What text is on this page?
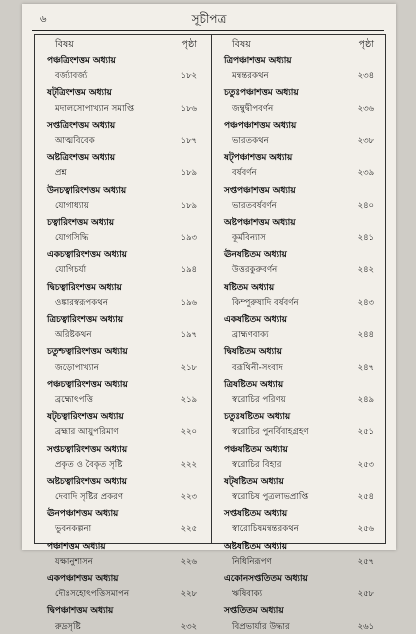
৬	সূচীপত্র
বিষয়	পৃষ্ঠা
পঞ্চত্রিংশত্তম অধ্যায়
বর্জ্যাবর্জ্য	১৮২
ষট্‌ত্রিংশত্তম অধ্যায়
মদালসোপাখ্যান সমাপ্তি	১৮৬
সপ্তত্রিংশত্তম অধ্যায়
আত্মবিবেক	১৮৭
অষ্টত্রিংশত্তম অধ্যায়
প্রশ্ন	১৮৯
উনচত্বারিংশত্তম অধ্যায়
যোগাধ্যায়	১৮৯
চত্বারিংশত্তম অধ্যায়
যোগসিদ্ধি	১৯৩
একচত্বারিংশত্তম অধ্যায়
যোগিচর্যা	১৯৪
দ্বিচত্বারিংশত্তম অধ্যায়
ওঙ্কারস্বরূপকথন	১৯৬
ত্রিচত্বারিংশত্তম অধ্যায়
অরিষ্টকথন	১৯৭
চতুশ্চত্বারিংশত্তম অধ্যায়
জড়োপাখ্যান	২১৮
পঞ্চচত্বারিংশত্তম অধ্যায়
ব্রহ্মোৎপত্তি	২১৯
ষট্‌চত্বারিংশত্তম অধ্যায়
ব্রহ্মার আয়ুপরিমাণ	২২০
সপ্তচত্বারিংশত্তম অধ্যায়
প্রকৃত ও বৈকৃত সৃষ্টি	২২২
অষ্টচত্বারিংশত্তম অধ্যায়
দেবাদি সৃষ্টির প্রকরণ	২২৩
ঊনপঞ্চাশত্তম অধ্যায়
ভুবনকল্পনা	২২৫
পঞ্চাশত্তম অধ্যায়
যক্ষানুশাসন	২২৬
একপঞ্চাশত্তম অধ্যায়
দৌঃসহোৎপত্তিসমাপন	২২৮
দ্বিপঞ্চাশত্তম অধ্যায়
রুদ্রসৃষ্টি	২৩২
বিষয়	পৃষ্ঠা
ত্রিপঞ্চাশত্তম অধ্যায়
মন্বন্তরকথন	২৩৪
চতুঃপঞ্চাশত্তম অধ্যায়
জম্বুদ্বীপবর্ণন	২৩৬
পঞ্চপঞ্চাশত্তম অধ্যায়
ভারতকথন	২৩৮
ষট্‌পঞ্চাশত্তম অধ্যায়
বর্ষবর্ণন	২৩৯
সপ্তপঞ্চাশত্তম অধ্যায়
ভারতবর্ষবর্ণন	২৪০
অষ্টপঞ্চাশত্তম অধ্যায়
কূর্মবিন্যাস	২৪১
ঊনষষ্টিতম অধ্যায়
উত্তরকুরুবর্ণন	২৪২
ষষ্টিতম অধ্যায়
কিম্পুরুষাদি বর্ষবর্ণন	২৪৩
একষষ্টিতম অধ্যায়
ব্রাহ্মণবাক্য	২৪৪
দ্বিষষ্টিতম অধ্যায়
বরূথিনী-সংবাদ	২৪৭
ত্রিষষ্টিতম অধ্যায়
স্বরোচির পরিণয়	২৪৯
চতুঃষষ্টিতম অধ্যায়
স্বরোচির পুনর্বিবাহগ্রহণ	২৫১
পঞ্চষষ্টিতম অধ্যায়
স্বরোচির বিহার	২৫৩
ষট্‌ষষ্টিতম অধ্যায়
স্বরোচিষ পুত্রলাভপ্রাপ্তি	২৫৪
সপ্তষষ্টিতম অধ্যায়
স্বারোচিষমন্বন্তরকথন	২৫৬
অষ্টষষ্টিতম অধ্যায়
নিধিনিরূপণ	২৫৭
একোনসপ্ততিতম অধ্যায়
ঋষিবাক্য	২৫৮
সপ্ততিতম অধ্যায়
বিপ্রভার্যার উদ্ধার	২৬১
